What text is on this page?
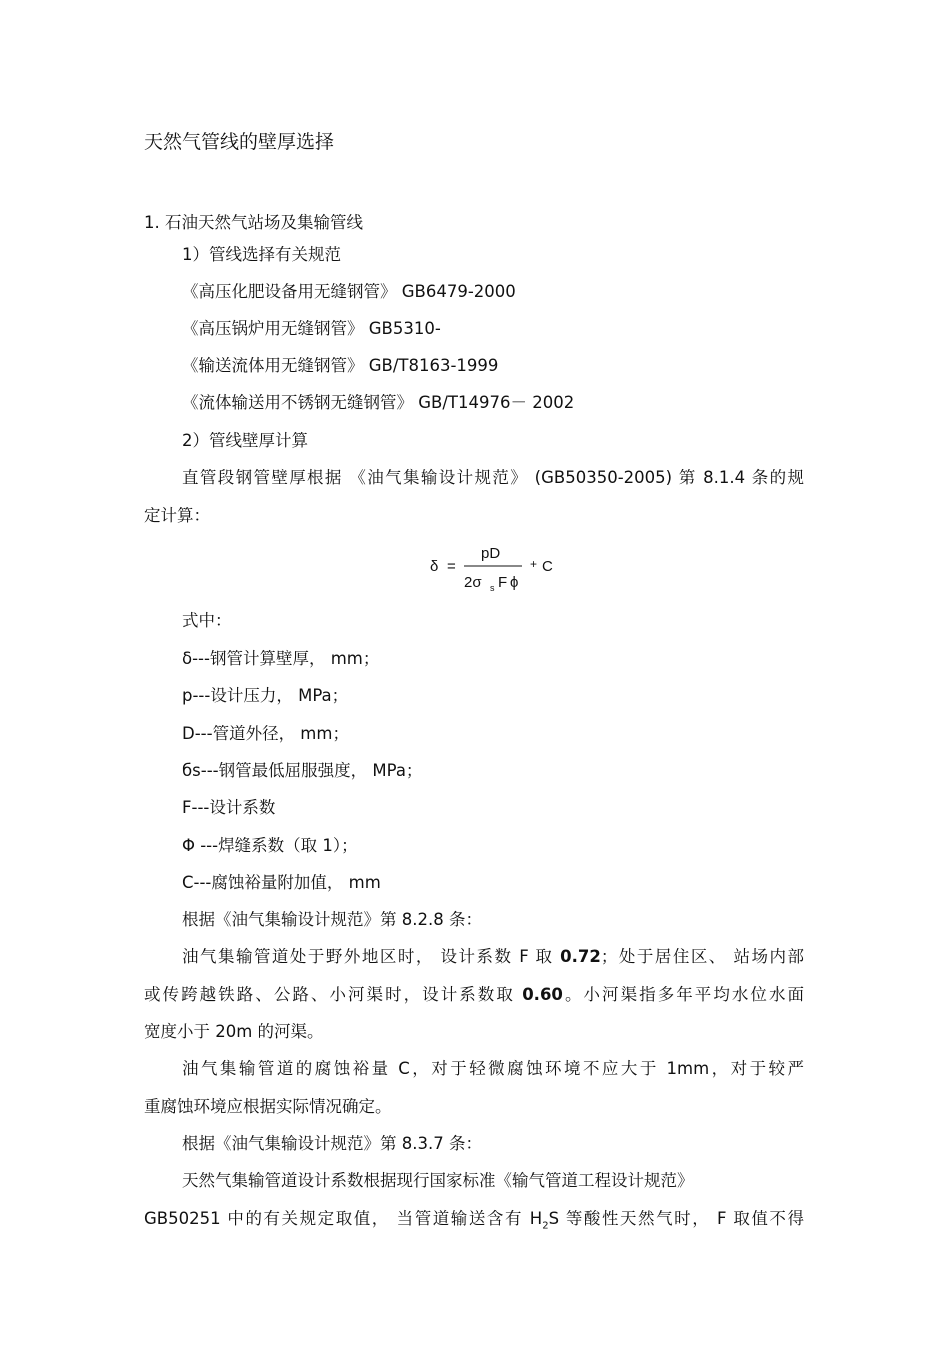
天然气管线的壁厚选择
1. 石油天然气站场及集输管线
1）管线选择有关规范
《高压化肥设备用无缝钢管》 GB6479-2000
《高压锅炉用无缝钢管》 GB5310-
《输送流体用无缝钢管》 GB/T8163-1999
《流体输送用不锈钢无缝钢管》 GB/T14976－ 2002
2）管线壁厚计算
直管段钢管壁厚根据 《油气集输设计规范》 (GB50350-2005) 第 8.1.4 条的规
定计算：
δ =
pD
2σ s F ϕ
+ C
式中：
δ---钢管计算壁厚， mm；
p---设计压力， MPa；
D---管道外径， mm；
бs---钢管最低屈服强度， MPa；
F---设计系数
Φ ---焊缝系数（取 1）；
C---腐蚀裕量附加值， mm
根据《油气集输设计规范》第 8.2.8 条：
油气集输管道处于野外地区时， 设计系数 F 取 0.72；处于居住区、 站场内部
或传跨越铁路、公路、小河渠时，设计系数取 0.60。小河渠指多年平均水位水面
宽度小于 20m 的河渠。
油气集输管道的腐蚀裕量 C，对于轻微腐蚀环境不应大于 1mm，对于较严
重腐蚀环境应根据实际情况确定。
根据《油气集输设计规范》第 8.3.7 条：
天然气集输管道设计系数根据现行国家标准《输气管道工程设计规范》
GB50251 中的有关规定取值， 当管道输送含有 $H_2S$ 等酸性天然气时， F 取值不得
